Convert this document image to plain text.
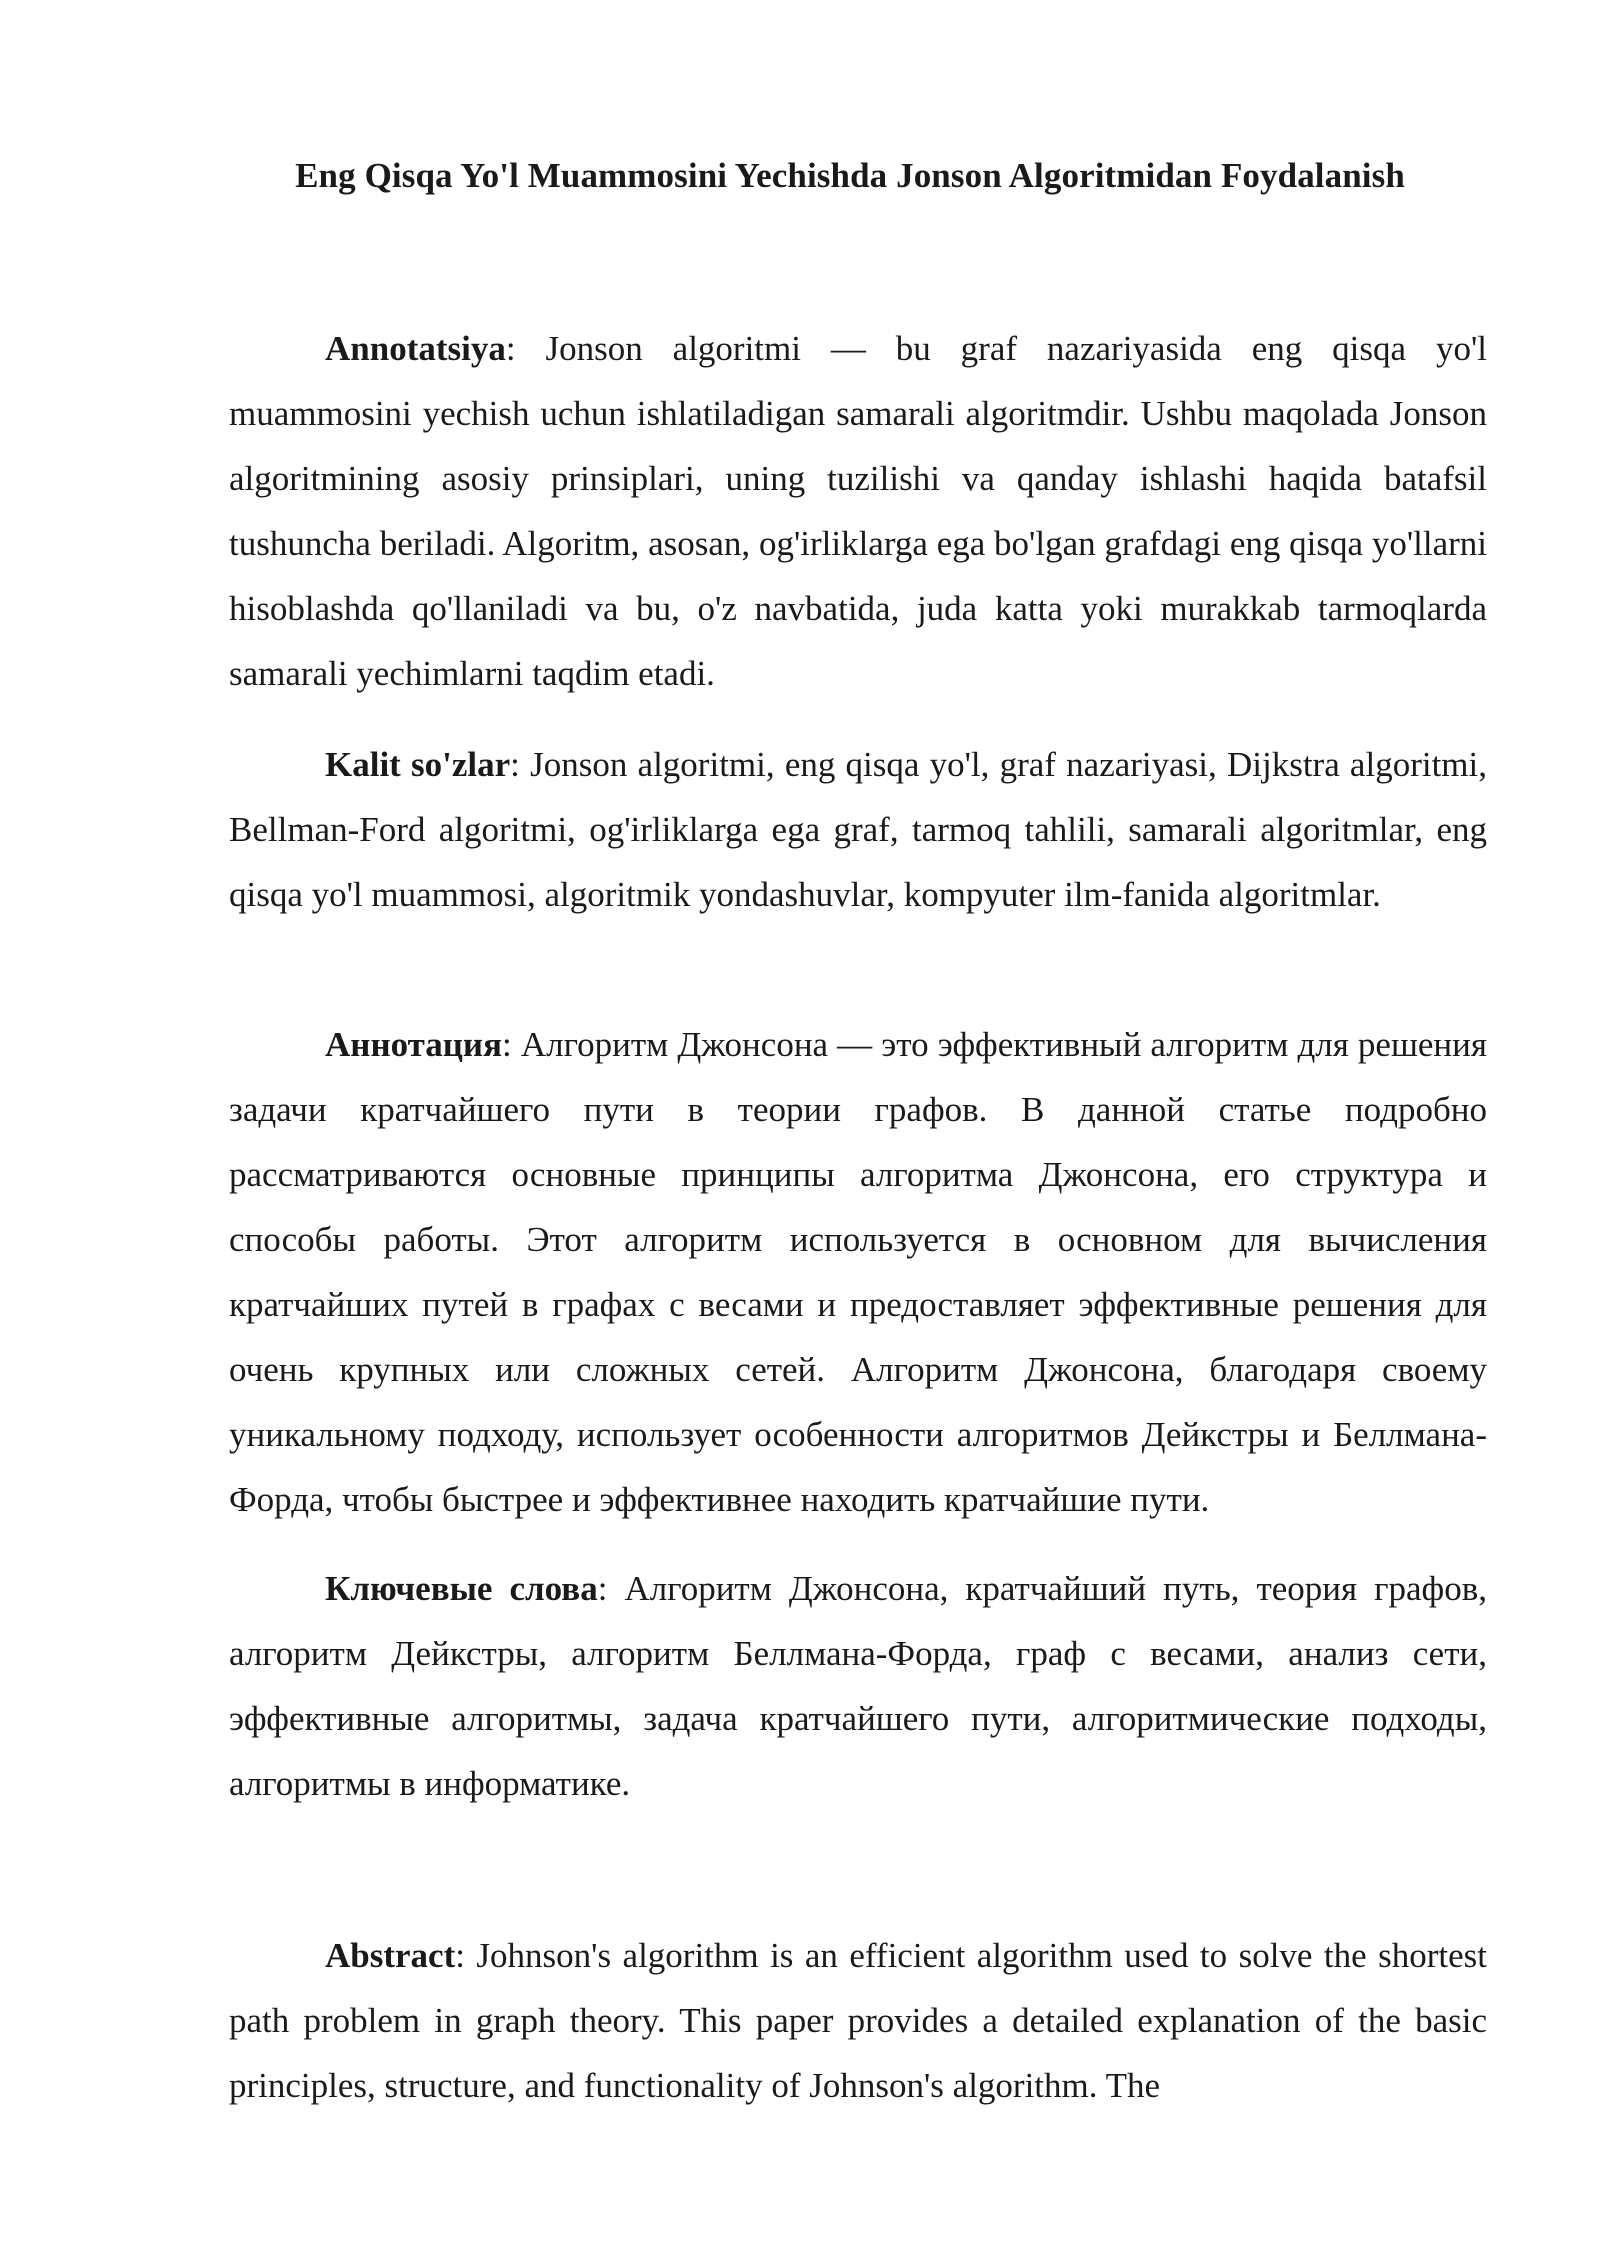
Eng Qisqa Yo'l Muammosini Yechishda Jonson Algoritmidan Foydalanish

Annotatsiya: Jonson algoritmi — bu graf nazariyasida eng qisqa yo'l muammosini yechish uchun ishlatiladigan samarali algoritmdir. Ushbu maqolada Jonson algoritmining asosiy prinsiplari, uning tuzilishi va qanday ishlashi haqida batafsil tushuncha beriladi. Algoritm, asosan, og'irliklarga ega bo'lgan grafdagi eng qisqa yo'llarni hisoblashda qo'llaniladi va bu, o'z navbatida, juda katta yoki murakkab tarmoqlarda samarali yechimlarni taqdim etadi.

Kalit so'zlar: Jonson algoritmi, eng qisqa yo'l, graf nazariyasi, Dijkstra algoritmi, Bellman-Ford algoritmi, og'irliklarga ega graf, tarmoq tahlili, samarali algoritmlar, eng qisqa yo'l muammosi, algoritmik yondashuvlar, kompyuter ilm-fanida algoritmlar.

Аннотация: Алгоритм Джонсона — это эффективный алгоритм для решения задачи кратчайшего пути в теории графов. В данной статье подробно рассматриваются основные принципы алгоритма Джонсона, его структура и способы работы. Этот алгоритм используется в основном для вычисления кратчайших путей в графах с весами и предоставляет эффективные решения для очень крупных или сложных сетей. Алгоритм Джонсона, благодаря своему уникальному подходу, использует особенности алгоритмов Дейкстры и Беллмана-Форда, чтобы быстрее и эффективнее находить кратчайшие пути.

Ключевые слова: Алгоритм Джонсона, кратчайший путь, теория графов, алгоритм Дейкстры, алгоритм Беллмана-Форда, граф с весами, анализ сети, эффективные алгоритмы, задача кратчайшего пути, алгоритмические подходы, алгоритмы в информатике.

Abstract: Johnson's algorithm is an efficient algorithm used to solve the shortest path problem in graph theory. This paper provides a detailed explanation of the basic principles, structure, and functionality of Johnson's algorithm. The
